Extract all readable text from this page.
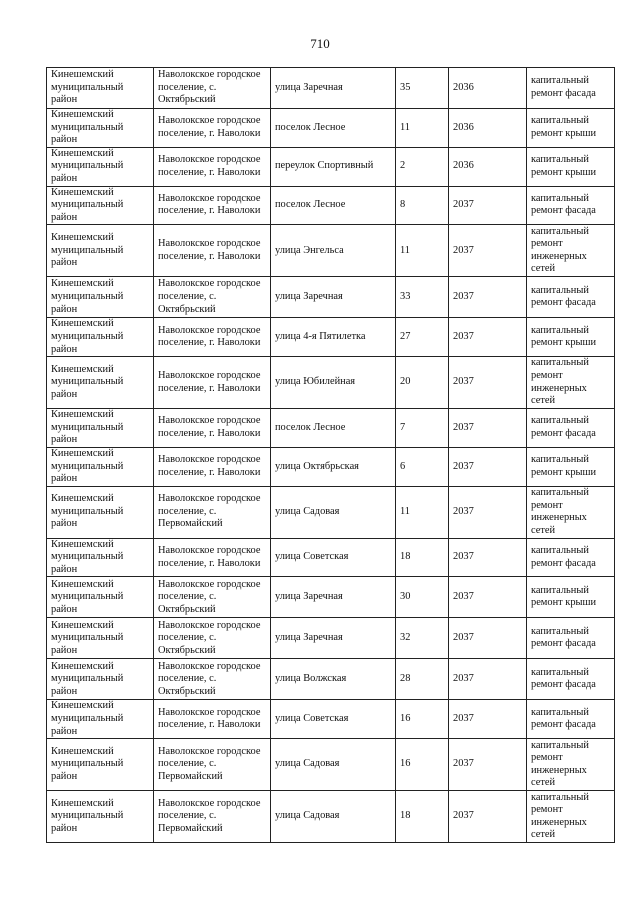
710
Кинешемский муниципальный район	Наволокское городское поселение, с. Октябрьский	улица Заречная	35	2036	капитальный ремонт фасада
Кинешемский муниципальный район	Наволокское городское поселение, г. Наволоки	поселок Лесное	11	2036	капитальный ремонт крыши
Кинешемский муниципальный район	Наволокское городское поселение, г. Наволоки	переулок Спортивный	2	2036	капитальный ремонт крыши
Кинешемский муниципальный район	Наволокское городское поселение, г. Наволоки	поселок Лесное	8	2037	капитальный ремонт фасада
Кинешемский муниципальный район	Наволокское городское поселение, г. Наволоки	улица Энгельса	11	2037	капитальный ремонт инженерных сетей
Кинешемский муниципальный район	Наволокское городское поселение, с. Октябрьский	улица Заречная	33	2037	капитальный ремонт фасада
Кинешемский муниципальный район	Наволокское городское поселение, г. Наволоки	улица 4-я Пятилетка	27	2037	капитальный ремонт крыши
Кинешемский муниципальный район	Наволокское городское поселение, г. Наволоки	улица Юбилейная	20	2037	капитальный ремонт инженерных сетей
Кинешемский муниципальный район	Наволокское городское поселение, г. Наволоки	поселок Лесное	7	2037	капитальный ремонт фасада
Кинешемский муниципальный район	Наволокское городское поселение, г. Наволоки	улица Октябрьская	6	2037	капитальный ремонт крыши
Кинешемский муниципальный район	Наволокское городское поселение, с. Первомайский	улица Садовая	11	2037	капитальный ремонт инженерных сетей
Кинешемский муниципальный район	Наволокское городское поселение, г. Наволоки	улица Советская	18	2037	капитальный ремонт фасада
Кинешемский муниципальный район	Наволокское городское поселение, с. Октябрьский	улица Заречная	30	2037	капитальный ремонт крыши
Кинешемский муниципальный район	Наволокское городское поселение, с. Октябрьский	улица Заречная	32	2037	капитальный ремонт фасада
Кинешемский муниципальный район	Наволокское городское поселение, с. Октябрьский	улица Волжская	28	2037	капитальный ремонт фасада
Кинешемский муниципальный район	Наволокское городское поселение, г. Наволоки	улица Советская	16	2037	капитальный ремонт фасада
Кинешемский муниципальный район	Наволокское городское поселение, с. Первомайский	улица Садовая	16	2037	капитальный ремонт инженерных сетей
Кинешемский муниципальный район	Наволокское городское поселение, с. Первомайский	улица Садовая	18	2037	капитальный ремонт инженерных сетей
